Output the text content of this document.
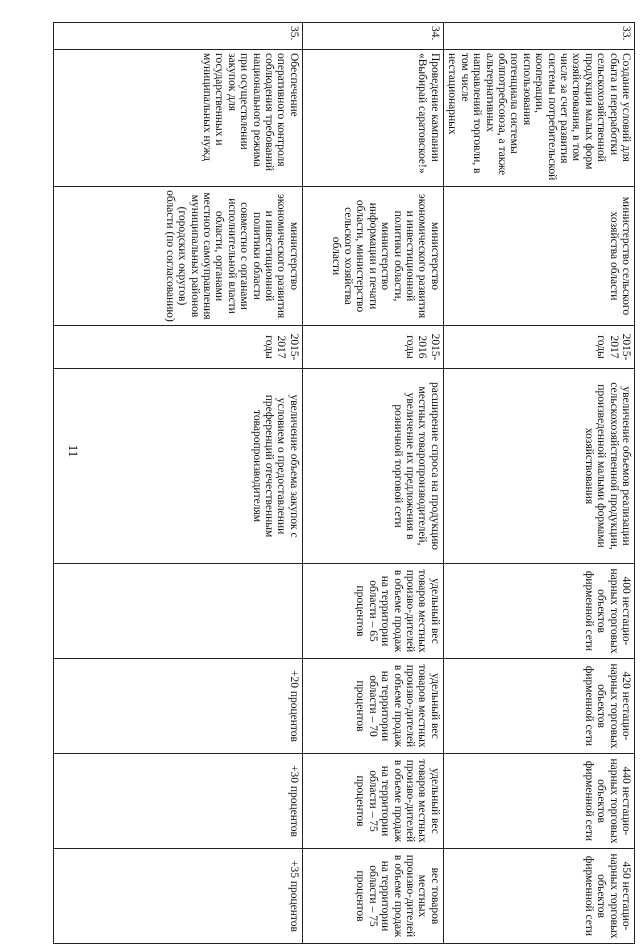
11
33.	Создание условий для сбыта и переработки сельскохозяйственной продукции малых форм хозяйствования, в том числе за счет развития системы потребительской кооперации, использования потенциала системы облпотребсоюза, а также альтернативных направлений торговли, в том числе нестационарных	министерство сельского хозяйства области	2015-2017 годы	увеличение объемов реализации сельскохозяйственной продукции, произведенной малыми формами хозяйствования	400 нестацио-нарных торговых объектов фирменной сети	420 нестацио-нарных торговых объектов фирменной сети	440 нестацио-нарных торговых объектов фирменной сети	450 нестацио-нарных торговых объектов фирменной сети
34.	Проведение кампании «Выбирай саратовское!»	министерство экономического развития и инвестиционной политики области, министерство информации и печати области, министерство сельского хозяйства области	2015-2016 годы	расширение спроса на продукцию местных товаропроизводителей, увеличение их предложения в розничной торговой сети	удельный вес товаров местных произво-дителей в объеме продаж на территории области – 65 процентов	удельный вес товаров местных произво-дителей в объеме продаж на территории области – 70 процентов	удельный вес товаров местных произво-дителей в объеме продаж на территории области – 75 процентов	вес товаров местных произво-дителей в объеме продаж на территории области – 75 процентов
35.	Обеспечение оперативного контроля соблюдения требований национального режима при осуществлении закупок для государственных и муниципальных нужд	министерство экономического развития и инвестиционной политики области совместно с органами исполнительной власти области, органами местного самоуправления муниципальных районов (городских округов) области (по согласованию)	2015-2017 годы	увеличение объема закупок с условием о предоставлении преференций отечественным товаропроизводителям		+20 процентов	+30 процентов	+35 процентов
